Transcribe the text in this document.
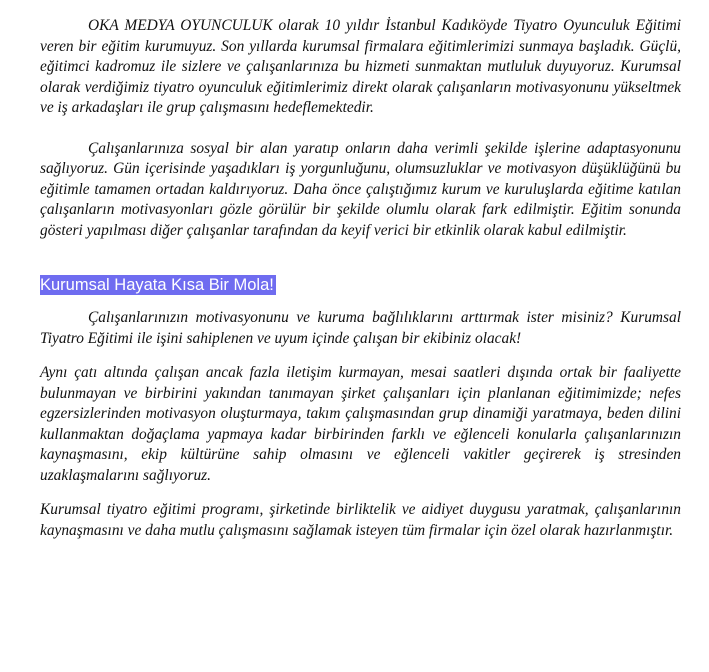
OKA MEDYA OYUNCULUK olarak 10 yıldır İstanbul Kadıköyde Tiyatro Oyunculuk Eğitimi veren bir eğitim kurumuyuz. Son yıllarda kurumsal firmalara eğitimlerimizi sunmaya başladık. Güçlü, eğitimci kadromuz ile sizlere ve çalışanlarınıza bu hizmeti sunmaktan mutluluk duyuyoruz. Kurumsal olarak verdiğimiz tiyatro oyunculuk eğitimlerimiz direkt olarak çalışanların motivasyonunu yükseltmek ve iş arkadaşları ile grup çalışmasını hedeflemektedir.

Çalışanlarınıza sosyal bir alan yaratıp onların daha verimli şekilde işlerine adaptasyonunu sağlıyoruz. Gün içerisinde yaşadıkları iş yorgunluğunu, olumsuzluklar ve motivasyon düşüklüğünü bu eğitimle tamamen ortadan kaldırıyoruz. Daha önce çalıştığımız kurum ve kuruluşlarda eğitime katılan çalışanların motivasyonları gözle görülür bir şekilde olumlu olarak fark edilmiştir. Eğitim sonunda gösteri yapılması diğer çalışanlar tarafından da keyif verici bir etkinlik olarak kabul edilmiştir.

Kurumsal Hayata Kısa Bir Mola!

Çalışanlarınızın motivasyonunu ve kuruma bağlılıklarını arttırmak ister misiniz? Kurumsal Tiyatro Eğitimi ile işini sahiplenen ve uyum içinde çalışan bir ekibiniz olacak!

Aynı çatı altında çalışan ancak fazla iletişim kurmayan, mesai saatleri dışında ortak bir faaliyette bulunmayan ve birbirini yakından tanımayan şirket çalışanları için planlanan eğitimimizde; nefes egzersizlerinden motivasyon oluşturmaya, takım çalışmasından grup dinamiği yaratmaya, beden dilini kullanmaktan doğaçlama yapmaya kadar birbirinden farklı ve eğlenceli konularla çalışanlarınızın kaynaşmasını, ekip kültürüne sahip olmasını ve eğlenceli vakitler geçirerek iş stresinden uzaklaşmalarını sağlıyoruz.

Kurumsal tiyatro eğitimi programı, şirketinde birliktelik ve aidiyet duygusu yaratmak, çalışanlarının kaynaşmasını ve daha mutlu çalışmasını sağlamak isteyen tüm firmalar için özel olarak hazırlanmıştır.
